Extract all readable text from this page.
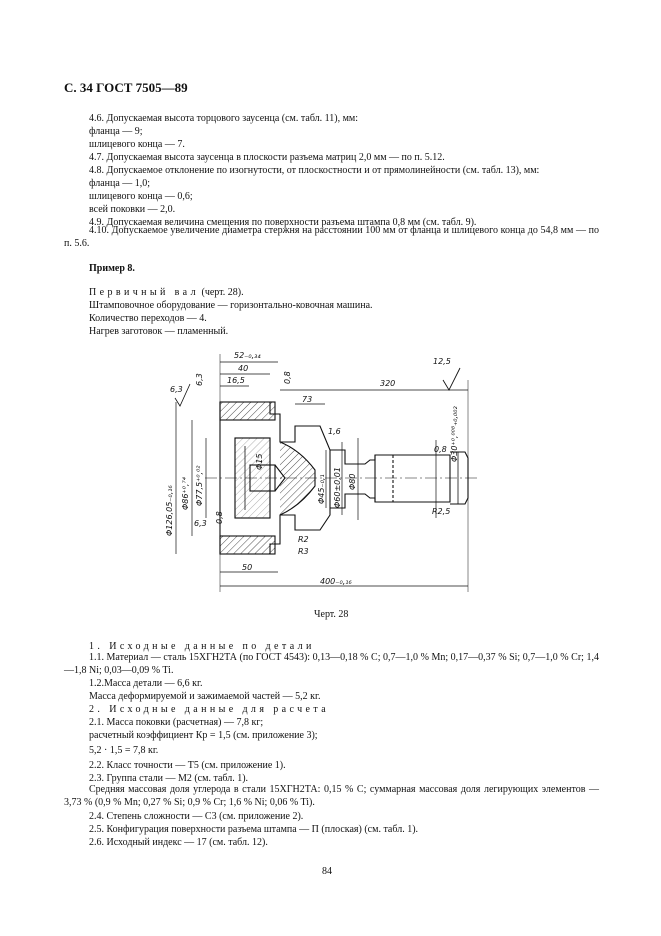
С. 34 ГОСТ 7505—89
4.6. Допускаемая высота торцового заусенца (см. табл. 11), мм:
фланца — 9;
шлицевого конца — 7.
4.7. Допускаемая высота заусенца в плоскости разъема матриц 2,0 мм — по п. 5.12.
4.8. Допускаемое отклонение по изогнутости, от плоскостности и от прямолинейности (см. табл. 13), мм:
фланца — 1,0;
шлицевого конца — 0,6;
всей поковки — 2,0.
4.9. Допускаемая величина смещения по поверхности разъема штампа 0,8 мм (см. табл. 9).
4.10. Допускаемое увеличение диаметра стержня на расстоянии 100 мм от фланца и шлицевого конца до 54,8 мм — по п. 5.6.
Пример 8.
Первичный вал (черт. 28).
Штамповочное оборудование — горизонтально-ковочная машина.
Количество переходов — 4.
Нагрев заготовок — пламенный.
52₋₀,₃₄
40
16,5
6,3
6,3	0,8	320
73
1,6
12,5
Φ126,05₋₀,₁₆ Φ86⁺⁰,⁷⁴ Φ77,5⁺⁰,⁰²
Φ15
6,3 0,8
Φ45₋₀,₁ Φ60±0,01 Φ80
Φ30⁺⁰,⁰⁰⁸₊₀,₀₀₂
0,8
R2
R3
R2,5
50
400₋₀,₁₆
Черт. 28
1. Исходные данные по детали
1.1. Материал — сталь 15ХГН2ТА (по ГОСТ 4543): 0,13—0,18 % С; 0,7—1,0 % Mn; 0,17—0,37 % Si; 0,7—1,0 % Cr; 1,4—1,8 Ni; 0,03—0,09 % Ti.
1.2.Масса детали — 6,6 кг.
Масса деформируемой и зажимаемой частей — 5,2 кг.
2. Исходные данные для расчета
2.1. Масса поковки (расчетная) — 7,8 кг;
расчетный коэффициент Кр = 1,5 (см. приложение 3);
5,2 · 1,5 = 7,8 кг.
2.2. Класс точности — Т5 (см. приложение 1).
2.3. Группа стали — М2 (см. табл. 1).
Средняя массовая доля углерода в стали 15ХГН2ТА: 0,15 % С; суммарная массовая доля легирующих элементов — 3,73 % (0,9 % Mn; 0,27 % Si; 0,9 % Cr; 1,6 % Ni; 0,06 % Ti).
2.4. Степень сложности — С3 (см. приложение 2).
2.5. Конфигурация поверхности разъема штампа — П (плоская) (см. табл. 1).
2.6. Исходный индекс — 17 (см. табл. 12).
84
